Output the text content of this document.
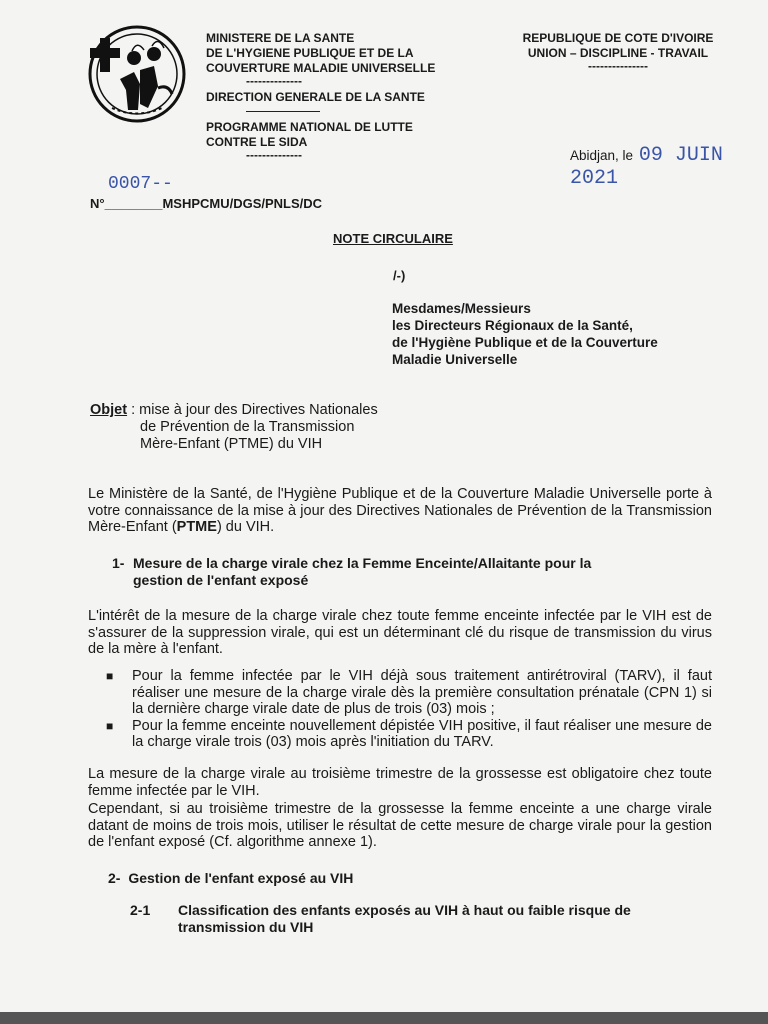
MINISTERE DE LA SANTE
DE L'HYGIENE PUBLIQUE ET DE LA
COUVERTURE MALADIE UNIVERSELLE
--------------
DIRECTION GENERALE DE LA SANTE
PROGRAMME NATIONAL DE LUTTE
CONTRE LE SIDA
--------------
REPUBLIQUE DE COTE D'IVOIRE
UNION – DISCIPLINE - TRAVAIL
---------------
Abidjan, le 09 JUIN 2021
0007--
N°________MSHPCMU/DGS/PNLS/DC
NOTE CIRCULAIRE
/-)
Mesdames/Messieurs
les Directeurs Régionaux de la Santé,
de l'Hygiène Publique et de la Couverture
Maladie Universelle
Objet : mise à jour des Directives Nationales
de Prévention de la Transmission
Mère-Enfant (PTME) du VIH
Le Ministère de la Santé, de l'Hygiène Publique et de la Couverture Maladie Universelle porte à votre connaissance de la mise à jour des Directives Nationales de Prévention de la Transmission Mère-Enfant (PTME) du VIH.
1- Mesure de la charge virale chez la Femme Enceinte/Allaitante pour la
gestion de l'enfant exposé
L'intérêt de la mesure de la charge virale chez toute femme enceinte infectée par le VIH est de s'assurer de la suppression virale, qui est un déterminant clé du risque de transmission du virus de la mère à l'enfant.
■ Pour la femme infectée par le VIH déjà sous traitement antirétroviral (TARV), il faut réaliser une mesure de la charge virale dès la première consultation prénatale (CPN 1) si la dernière charge virale date de plus de trois (03) mois ;
■ Pour la femme enceinte nouvellement dépistée VIH positive, il faut réaliser une mesure de la charge virale trois (03) mois après l'initiation du TARV.
La mesure de la charge virale au troisième trimestre de la grossesse est obligatoire chez toute femme infectée par le VIH.
Cependant, si au troisième trimestre de la grossesse la femme enceinte a une charge virale datant de moins de trois mois, utiliser le résultat de cette mesure de charge virale pour la gestion de l'enfant exposé (Cf. algorithme annexe 1).
2- Gestion de l'enfant exposé au VIH
2-1 Classification des enfants exposés au VIH à haut ou faible risque de
transmission du VIH
